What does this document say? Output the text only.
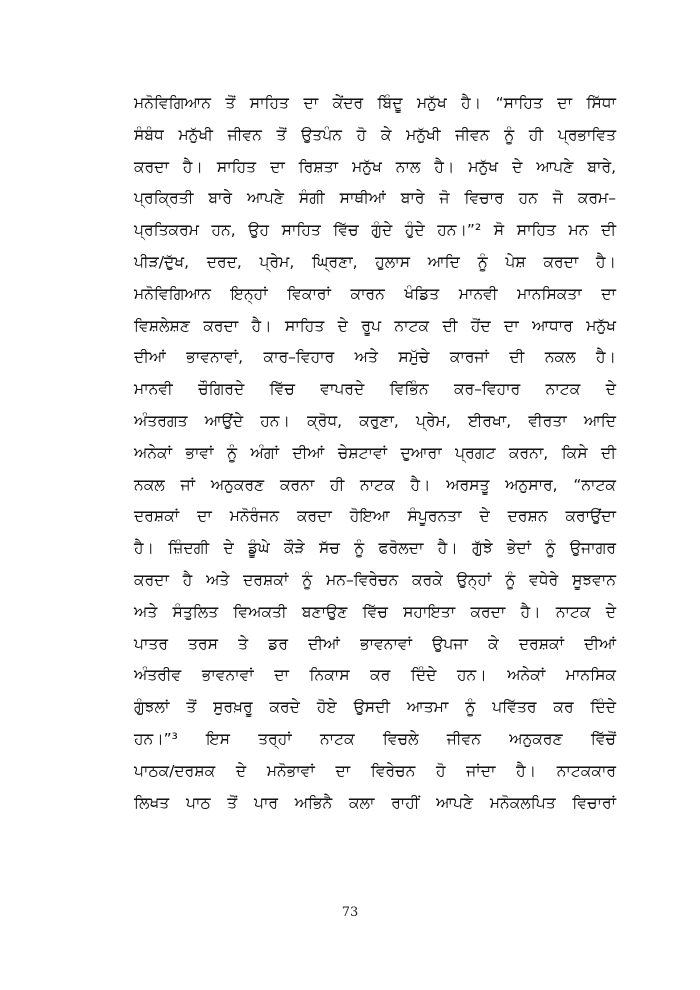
ਮਨੋਵਿਗਿਆਨ ਤੋਂ ਸਾਹਿਤ ਦਾ ਕੇਂਦਰ ਬਿੰਦੂ ਮਨੁੱਖ ਹੈ। “ਸਾਹਿਤ ਦਾ ਸਿੱਧਾ
ਸੰਬੰਧ ਮਨੁੱਖੀ ਜੀਵਨ ਤੋਂ ਉਤਪੰਨ ਹੋ ਕੇ ਮਨੁੱਖੀ ਜੀਵਨ ਨੂੰ ਹੀ ਪ੍ਰਭਾਵਿਤ
ਕਰਦਾ ਹੈ। ਸਾਹਿਤ ਦਾ ਰਿਸ਼ਤਾ ਮਨੁੱਖ ਨਾਲ ਹੈ। ਮਨੁੱਖ ਦੇ ਆਪਣੇ ਬਾਰੇ,
ਪ੍ਰਕ੍ਰਿਤੀ ਬਾਰੇ ਆਪਣੇ ਸੰਗੀ ਸਾਥੀਆਂ ਬਾਰੇ ਜੋ ਵਿਚਾਰ ਹਨ ਜੋ ਕਰਮ–
ਪ੍ਰਤਿਕਰਮ ਹਨ, ਉਹ ਸਾਹਿਤ ਵਿੱਚ ਗੁੰਦੇ ਹੁੰਦੇ ਹਨ।”² ਸੋ ਸਾਹਿਤ ਮਨ ਦੀ
ਪੀੜ/ਦੁੱਖ, ਦਰਦ, ਪ੍ਰੇਮ, ਘ੍ਰਿਣਾ, ਹੁਲਾਸ ਆਦਿ ਨੂੰ ਪੇਸ਼ ਕਰਦਾ ਹੈ।
ਮਨੋਵਿਗਿਆਨ ਇਨ੍ਹਾਂ ਵਿਕਾਰਾਂ ਕਾਰਨ ਖੰਡਿਤ ਮਾਨਵੀ ਮਾਨਸਿਕਤਾ ਦਾ
ਵਿਸ਼ਲੇਸ਼ਣ ਕਰਦਾ ਹੈ। ਸਾਹਿਤ ਦੇ ਰੂਪ ਨਾਟਕ ਦੀ ਹੋਂਦ ਦਾ ਆਧਾਰ ਮਨੁੱਖ
ਦੀਆਂ ਭਾਵਨਾਵਾਂ, ਕਾਰ–ਵਿਹਾਰ ਅਤੇ ਸਮੁੱਚੇ ਕਾਰਜਾਂ ਦੀ ਨਕਲ ਹੈ।
ਮਾਨਵੀ ਚੌਗਿਰਦੇ ਵਿੱਚ ਵਾਪਰਦੇ ਵਿਭਿੰਨ ਕਰ–ਵਿਹਾਰ ਨਾਟਕ ਦੇ
ਅੰਤਰਗਤ ਆਉਂਦੇ ਹਨ। ਕ੍ਰੋਧ, ਕਰੁਣਾ, ਪ੍ਰੇਮ, ਈਰਖਾ, ਵੀਰਤਾ ਆਦਿ
ਅਨੇਕਾਂ ਭਾਵਾਂ ਨੂੰ ਅੰਗਾਂ ਦੀਆਂ ਚੇਸ਼ਟਾਵਾਂ ਦੁਆਰਾ ਪ੍ਰਗਟ ਕਰਨਾ, ਕਿਸੇ ਦੀ
ਨਕਲ ਜਾਂ ਅਨੁਕਰਣ ਕਰਨਾ ਹੀ ਨਾਟਕ ਹੈ। ਅਰਸਤੂ ਅਨੁਸਾਰ, “ਨਾਟਕ
ਦਰਸ਼ਕਾਂ ਦਾ ਮਨੋਰੰਜਨ ਕਰਦਾ ਹੋਇਆ ਸੰਪੂਰਨਤਾ ਦੇ ਦਰਸ਼ਨ ਕਰਾਉਂਦਾ
ਹੈ। ਜ਼ਿੰਦਗੀ ਦੇ ਡੂੰਘੇ ਕੌੜੇ ਸੱਚ ਨੂੰ ਫਰੋਲਦਾ ਹੈ। ਗੁੱਝੇ ਭੇਦਾਂ ਨੂੰ ਉਜਾਗਰ
ਕਰਦਾ ਹੈ ਅਤੇ ਦਰਸ਼ਕਾਂ ਨੂੰ ਮਨ–ਵਿਰੇਚਨ ਕਰਕੇ ਉਨ੍ਹਾਂ ਨੂੰ ਵਧੇਰੇ ਸੂਝਵਾਨ
ਅਤੇ ਸੰਤੁਲਿਤ ਵਿਅਕਤੀ ਬਣਾਉਣ ਵਿੱਚ ਸਹਾਇਤਾ ਕਰਦਾ ਹੈ। ਨਾਟਕ ਦੇ
ਪਾਤਰ ਤਰਸ ਤੇ ਡਰ ਦੀਆਂ ਭਾਵਨਾਵਾਂ ਉਪਜਾ ਕੇ ਦਰਸ਼ਕਾਂ ਦੀਆਂ
ਅੰਤਰੀਵ ਭਾਵਨਾਵਾਂ ਦਾ ਨਿਕਾਸ ਕਰ ਦਿੰਦੇ ਹਨ। ਅਨੇਕਾਂ ਮਾਨਸਿਕ
ਗੁੰਝਲਾਂ ਤੋਂ ਸੁਰਖ਼ਰੂ ਕਰਦੇ ਹੋਏ ਉਸਦੀ ਆਤਮਾ ਨੂੰ ਪਵਿੱਤਰ ਕਰ ਦਿੰਦੇ
ਹਨ।”³ ਇਸ ਤਰ੍ਹਾਂ ਨਾਟਕ ਵਿਚਲੇ ਜੀਵਨ ਅਨੁਕਰਣ ਵਿੱਚੋਂ
ਪਾਠਕ/ਦਰਸ਼ਕ ਦੇ ਮਨੋਭਾਵਾਂ ਦਾ ਵਿਰੇਚਨ ਹੋ ਜਾਂਦਾ ਹੈ। ਨਾਟਕਕਾਰ
ਲਿਖਤ ਪਾਠ ਤੋਂ ਪਾਰ ਅਭਿਨੈ ਕਲਾ ਰਾਹੀਂ ਆਪਣੇ ਮਨੋਕਲਪਿਤ ਵਿਚਾਰਾਂ
73
